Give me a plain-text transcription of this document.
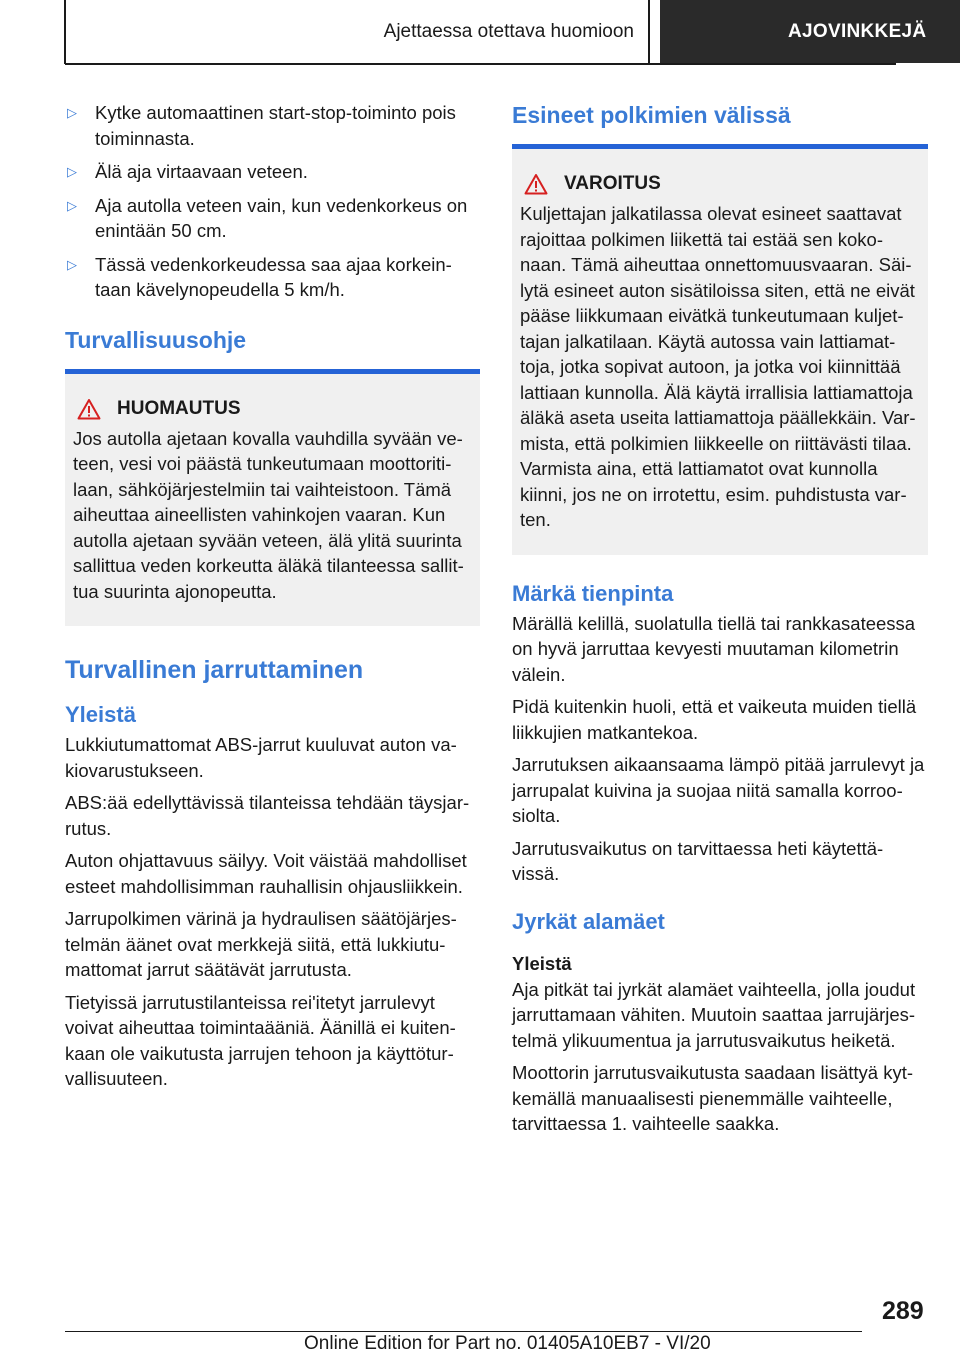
Ajettaessa otettava huomioon	AJOVINKKEJÄ
▷ Kytke automaattinen start-stop-toiminto pois toiminnasta.
▷ Älä aja virtaavaan veteen.
▷ Aja autolla veteen vain, kun vedenkorkeus on enintään 50 cm.
▷ Tässä vedenkorkeudessa saa ajaa korkein-taan kävelynopeudella 5 km/h.
Turvallisuusohje
HUOMAUTUS

Jos autolla ajetaan kovalla vauhdilla syvään ve-teen, vesi voi päästä tunkeutumaan moottoriti-laan, sähköjärjestelmiin tai vaihteistoon. Tämä aiheuttaa aineellisten vahinkojen vaaran. Kun autolla ajetaan syvään veteen, älä ylitä suurinta sallittua veden korkeutta äläkä tilanteessa sallit-tua suurinta ajonopeutta.

Turvallinen jarruttaminen
Yleistä

Lukkiutumattomat ABS-jarrut kuuluvat auton va-kiovarustukseen.

ABS:ää edellyttävissä tilanteissa tehdään täysjar-rutus.

Auton ohjattavuus säilyy. Voit väistää mahdolliset esteet mahdollisimman rauhallisin ohjausliikkein.

Jarrupolkimen värinä ja hydraulisen säätöjärjes-telmän äänet ovat merkkejä siitä, että lukkiutu-mattomat jarrut säätävät jarrutusta.

Tietyissä jarrutustilanteissa rei'itetyt jarrulevyt voivat aiheuttaa toimintaääniä. Äänillä ei kuiten-kaan ole vaikutusta jarrujen tehoon ja käyttötur-vallisuuteen.

Esineet polkimien välissä
VAROITUS

Kuljettajan jalkatilassa olevat esineet saattavat rajoittaa polkimen liikettä tai estää sen koko-naan. Tämä aiheuttaa onnettomuusvaaran. Säi-lytä esineet auton sisätiloissa siten, että ne eivät pääse liikkumaan eivätkä tunkeutumaan kuljet-tajan jalkatilaan. Käytä autossa vain lattiamat-toja, jotka sopivat autoon, ja jotka voi kiinnittää lattiaan kunnolla. Älä käytä irrallisia lattiamattoja äläkä aseta useita lattiamattoja päällekkäin. Var-mista, että polkimien liikkeelle on riittävästi tilaa. Varmista aina, että lattiamatot ovat kunnolla kiinni, jos ne on irrotettu, esim. puhdistusta var-ten.

Märkä tienpinta

Märällä kelillä, suolatulla tiellä tai rankkasateessa on hyvä jarruttaa kevyesti muutaman kilometrin välein.

Pidä kuitenkin huoli, että et vaikeuta muiden tiellä liikkujien matkantekoa.

Jarrutuksen aikaansaama lämpö pitää jarrulevyt ja jarrupalat kuivina ja suojaa niitä samalla korroo-siolta.

Jarrutusvaikutus on tarvittaessa heti käytettä-vissä.

Jyrkät alamäet
Yleistä

Aja pitkät tai jyrkät alamäet vaihteella, jolla joudut jarruttamaan vähiten. Muutoin saattaa jarrujärjes-telmä ylikuumentua ja jarrutusvaikutus heiketä.

Moottorin jarrutusvaikutusta saadaan lisättyä kyt-kemällä manuaalisesti pienemmälle vaihteelle, tarvittaessa 1. vaihteelle saakka.

289
Online Edition for Part no. 01405A10EB7 - VI/20
